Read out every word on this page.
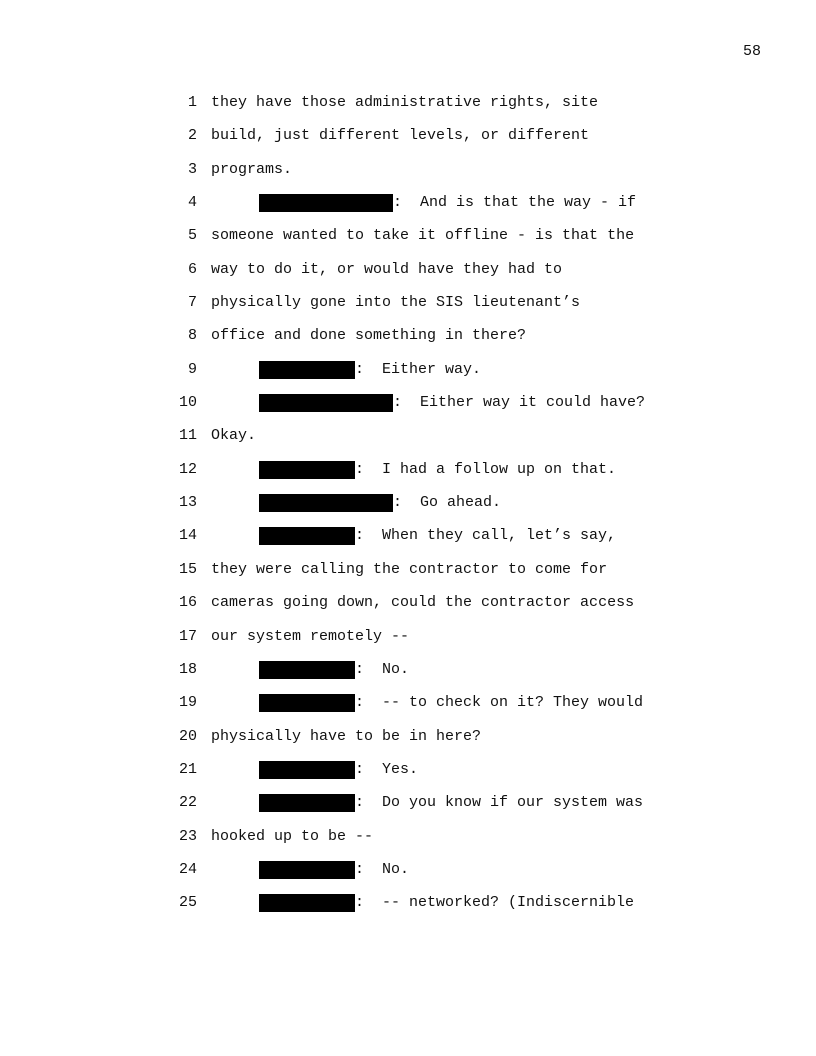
58
1 they have those administrative rights, site
2 build, just different levels, or different
3 programs.
4	:  And is that the way - if
5 someone wanted to take it offline - is that the
6 way to do it, or would have they had to
7 physically gone into the SIS lieutenant’s
8 office and done something in there?
9	:  Either way.
10	:  Either way it could have?
11 Okay.
12	:  I had a follow up on that.
13	:  Go ahead.
14	:  When they call, let’s say,
15 they were calling the contractor to come for
16 cameras going down, could the contractor access
17 our system remotely --
18	:  No.
19	:  -- to check on it? They would
20 physically have to be in here?
21	:  Yes.
22	:  Do you know if our system was
23 hooked up to be --
24	:  No.
25	:  -- networked? (Indiscernible
